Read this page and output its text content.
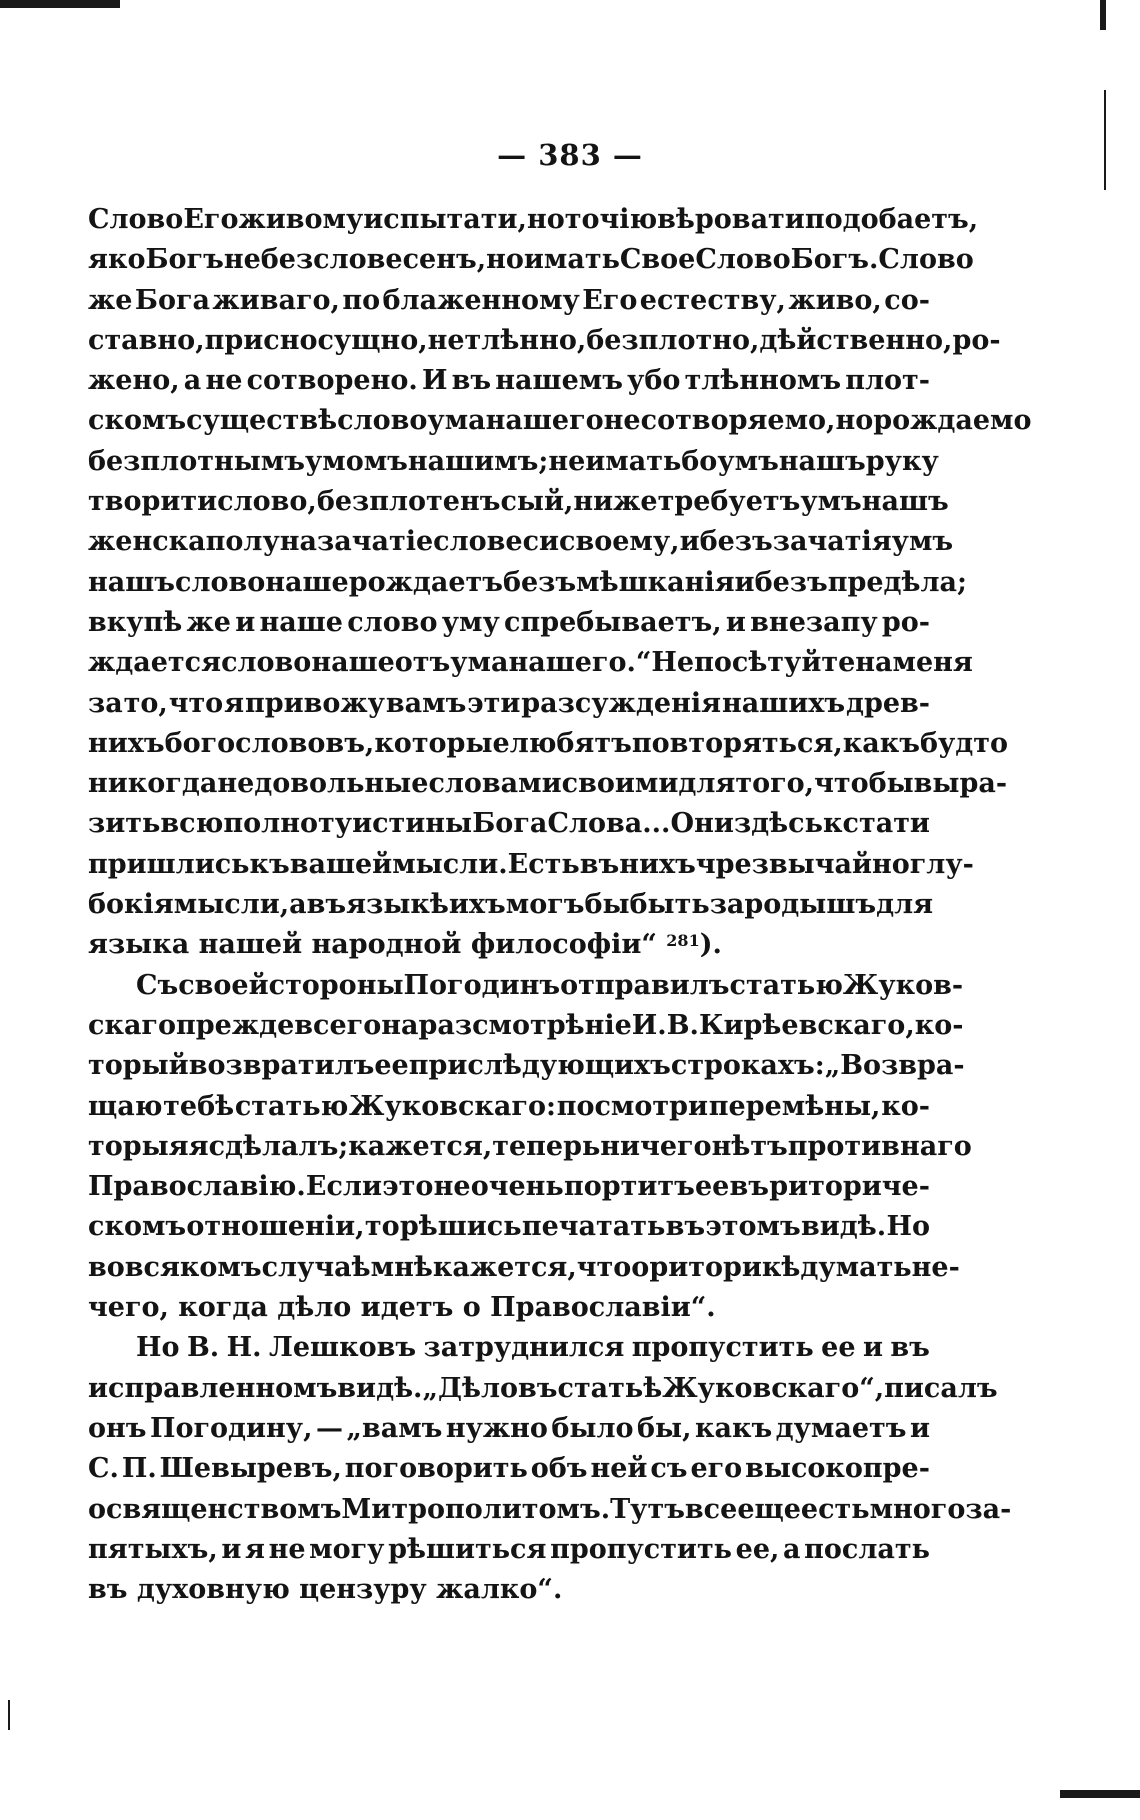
— 383 —
Слово Его живому испытати, но точію вѣровати подобаетъ,
яко Богъ не безсловесенъ, но имать Свое Слово Богъ. Слово
же Бога живаго, по блаженному Его естеству, живо, со-
ставно, присносущно, нетлѣнно, безплотно, дѣйственно, ро-
жено, а не сотворено. И въ нашемъ убо тлѣнномъ плот-
скомъ существѣ слово ума нашего не сотворяемо, но рождаемо
безплотнымъ умомъ нашимъ; не имать бо умъ нашъ руку
творити слово, безплотенъ сый, ниже требуетъ умъ нашъ
женска полу на зачатіе словеси своему, и безъ зачатія умъ
нашъ слово наше рождаетъ безъ мѣшканія и безъ предѣла;
вкупѣ же и наше слово уму спребываетъ, и внезапу ро-
ждается слово наше отъ ума нашего.“ Не посѣтуйте на меня
за то, что я привожу вамъ эти разсужденія нашихъ древ-
нихъ богослововъ, которые любятъ повторяться, какъ будто
никогда недовольные словами своими для того, чтобы выра-
зить всю полноту истины Бога Слова... Они здѣсь кстати
пришлись къ вашей мысли. Есть въ нихъ чрезвычайно глу-
бокія мысли, а въ языкѣ ихъ могъ бы быть зародышъ для
языка нашей народной философіи“ $^{281}$).
Съ своей стороны Погодинъ отправилъ статью Жуков-
скаго прежде всего на разсмотрѣніе И. В. Кирѣевскаго, ко-
торый возвратилъ ее при слѣдующихъ строкахъ: „Возвра-
щаю тебѣ статью Жуковскаго: посмотри перемѣны, ко-
торыя я сдѣлалъ; кажется, теперь ничего нѣтъ противнаго
Православію. Если это не очень портитъ ее въ риториче-
скомъ отношеніи, то рѣшись печатать въ этомъ видѣ. Но
во всякомъ случаѣ мнѣ кажется, что о риторикѣ думать не-
чего, когда дѣло идетъ о Православіи“.
Но В. Н. Лешковъ затруднился пропустить ее и въ
исправленномъ видѣ. „Дѣло въ статьѣ Жуковскаго“, писалъ
онъ Погодину, — „вамъ нужно было бы, какъ думаетъ и
С. П. Шевыревъ, поговорить объ ней съ его высокопре-
освященствомъ Митрополитомъ. Тутъ все еще есть много за-
пятыхъ, и я не могу рѣшиться пропустить ее, а послать
въ духовную цензуру жалко“.
